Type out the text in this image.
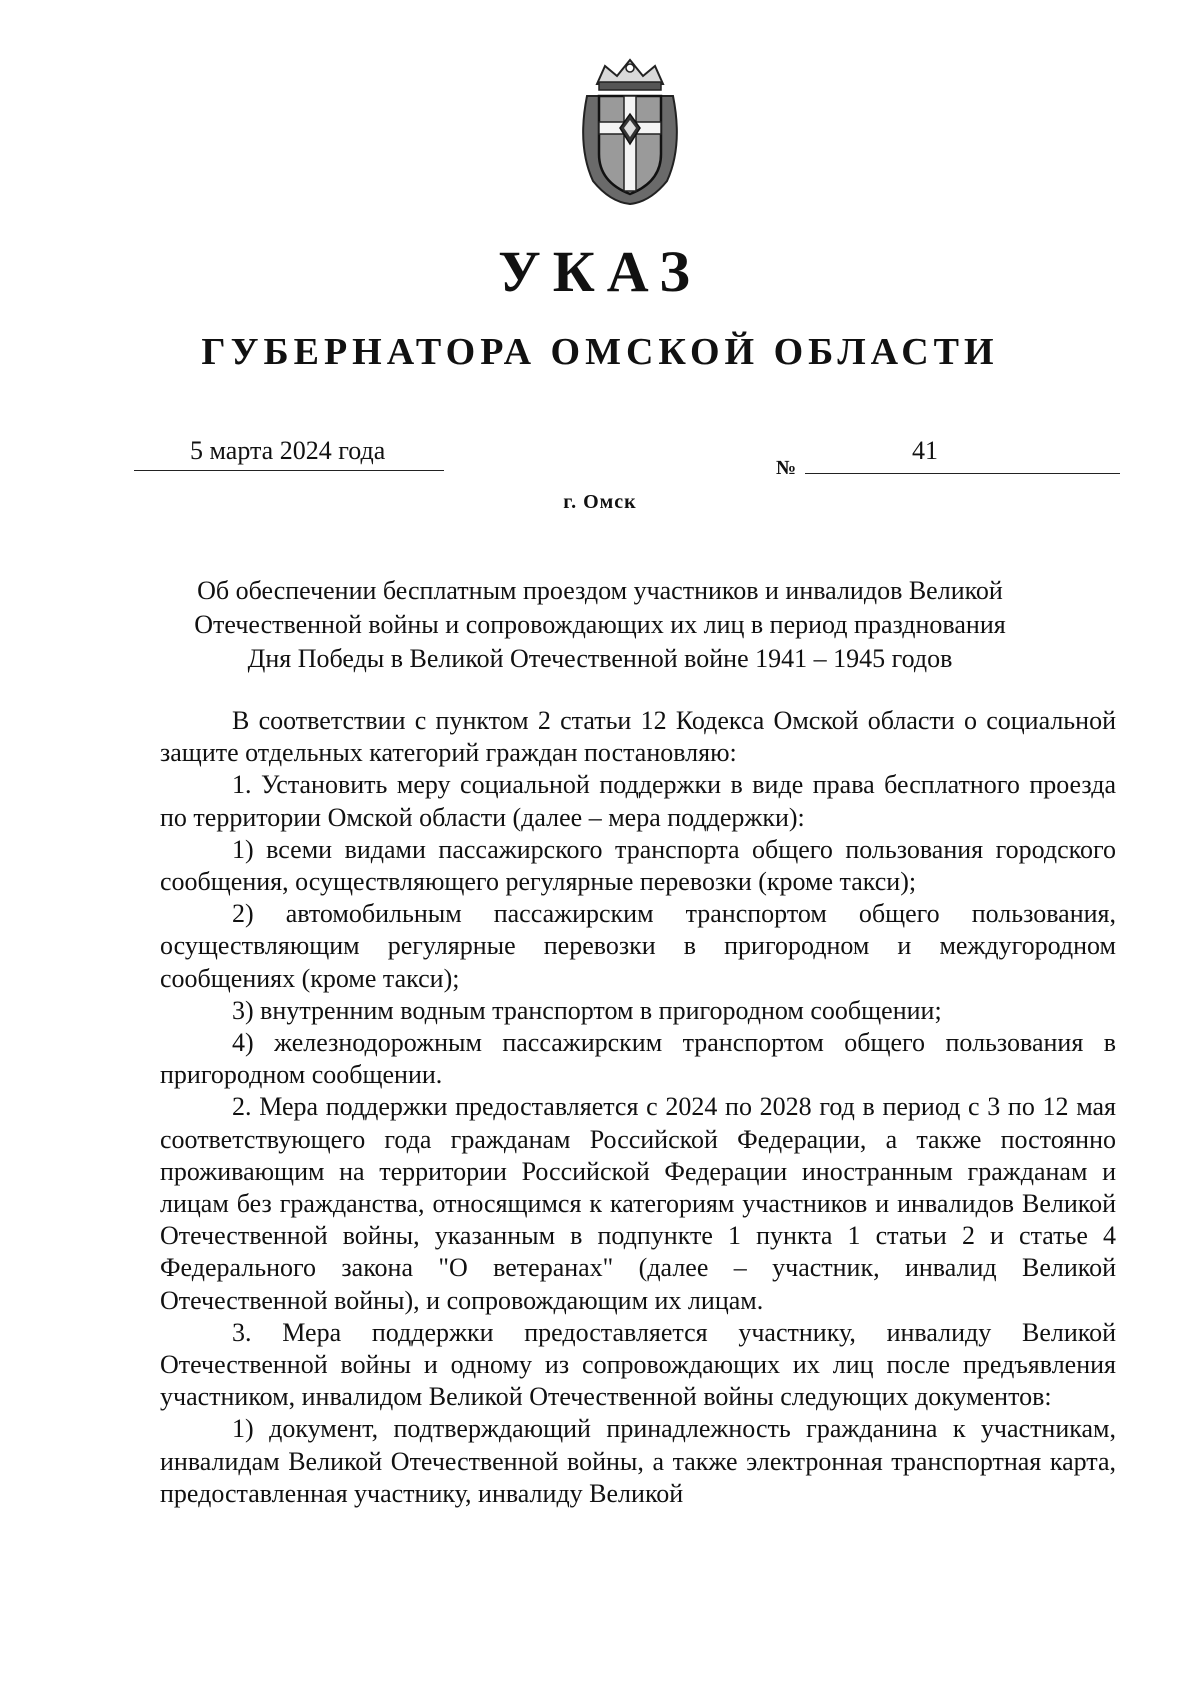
УКАЗ
ГУБЕРНАТОРА ОМСКОЙ ОБЛАСТИ
5 марта 2024 года
№
41
г. Омск
Об обеспечении бесплатным проездом участников и инвалидов Великой
Отечественной войны и сопровождающих их лиц в период празднования
Дня Победы в Великой Отечественной войне 1941 – 1945 годов

В соответствии с пунктом 2 статьи 12 Кодекса Омской области о социальной защите отдельных категорий граждан постановляю:

1. Установить меру социальной поддержки в виде права бесплатного проезда по территории Омской области (далее – мера поддержки):

1) всеми видами пассажирского транспорта общего пользования городского сообщения, осуществляющего регулярные перевозки (кроме такси);

2) автомобильным пассажирским транспортом общего пользования, осуществляющим регулярные перевозки в пригородном и междугородном сообщениях (кроме такси);

3) внутренним водным транспортом в пригородном сообщении;

4) железнодорожным пассажирским транспортом общего пользования в пригородном сообщении.

2. Мера поддержки предоставляется с 2024 по 2028 год в период с 3 по 12 мая соответствующего года гражданам Российской Федерации, а также постоянно проживающим на территории Российской Федерации иностранным гражданам и лицам без гражданства, относящимся к категориям участников и инвалидов Великой Отечественной войны, указанным в подпункте 1 пункта 1 статьи 2 и статье 4 Федерального закона "О ветеранах" (далее – участник, инвалид Великой Отечественной войны), и сопровождающим их лицам.

3. Мера поддержки предоставляется участнику, инвалиду Великой Отечественной войны и одному из сопровождающих их лиц после предъявления участником, инвалидом Великой Отечественной войны следующих документов:

1) документ, подтверждающий принадлежность гражданина к участникам, инвалидам Великой Отечественной войны, а также электронная транспортная карта, предоставленная участнику, инвалиду Великой
